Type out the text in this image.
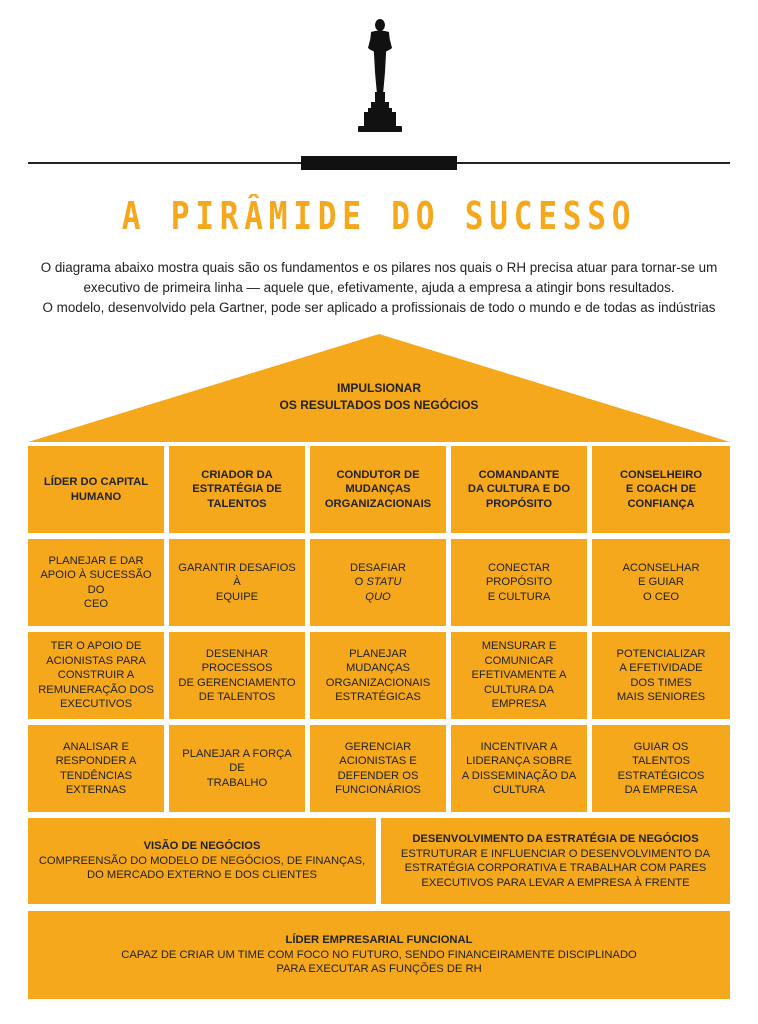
A PIRÂMIDE DO SUCESSO

O diagrama abaixo mostra quais são os fundamentos e os pilares nos quais o RH precisa atuar para tornar-se um

executivo de primeira linha — aquele que, efetivamente, ajuda a empresa a atingir bons resultados.

O modelo, desenvolvido pela Gartner, pode ser aplicado a profissionais de todo o mundo e de todas as indústrias

IMPULSIONAR
OS RESULTADOS DOS NEGÓCIOS
LÍDER DO CAPITAL
HUMANO
PLANEJAR E DAR
APOIO À SUCESSÃO DO
CEO
TER O APOIO DE
ACIONISTAS PARA
CONSTRUIR A
REMUNERAÇÃO DOS
EXECUTIVOS
ANALISAR E
RESPONDER A
TENDÊNCIAS
EXTERNAS
CRIADOR DA
ESTRATÉGIA DE
TALENTOS
GARANTIR DESAFIOS À
EQUIPE
DESENHAR PROCESSOS
DE GERENCIAMENTO
DE TALENTOS
PLANEJAR A FORÇA DE
TRABALHO
CONDUTOR DE
MUDANÇAS
ORGANIZACIONAIS
DESAFIAR
O STATU
QUO
PLANEJAR MUDANÇAS
ORGANIZACIONAIS
ESTRATÉGICAS
GERENCIAR
ACIONISTAS E
DEFENDER OS
FUNCIONÁRIOS
COMANDANTE
DA CULTURA E DO
PROPÓSITO
CONECTAR PROPÓSITO
E CULTURA
MENSURAR E
COMUNICAR
EFETIVAMENTE A
CULTURA DA EMPRESA
INCENTIVAR A
LIDERANÇA SOBRE
A DISSEMINAÇÃO DA
CULTURA
CONSELHEIRO
E COACH DE
CONFIANÇA
ACONSELHAR
E GUIAR
O CEO
POTENCIALIZAR
A EFETIVIDADE
DOS TIMES
MAIS SENIORES
GUIAR OS
TALENTOS
ESTRATÉGICOS
DA EMPRESA
VISÃO DE NEGÓCIOS
COMPREENSÃO DO MODELO DE NEGÓCIOS, DE FINANÇAS,
DO MERCADO EXTERNO E DOS CLIENTES
DESENVOLVIMENTO DA ESTRATÉGIA DE NEGÓCIOS
ESTRUTURAR E INFLUENCIAR O DESENVOLVIMENTO DA
ESTRATÉGIA CORPORATIVA E TRABALHAR COM PARES
EXECUTIVOS PARA LEVAR A EMPRESA À FRENTE
LÍDER EMPRESARIAL FUNCIONAL
CAPAZ DE CRIAR UM TIME COM FOCO NO FUTURO, SENDO FINANCEIRAMENTE DISCIPLINADO
PARA EXECUTAR AS FUNÇÕES DE RH
